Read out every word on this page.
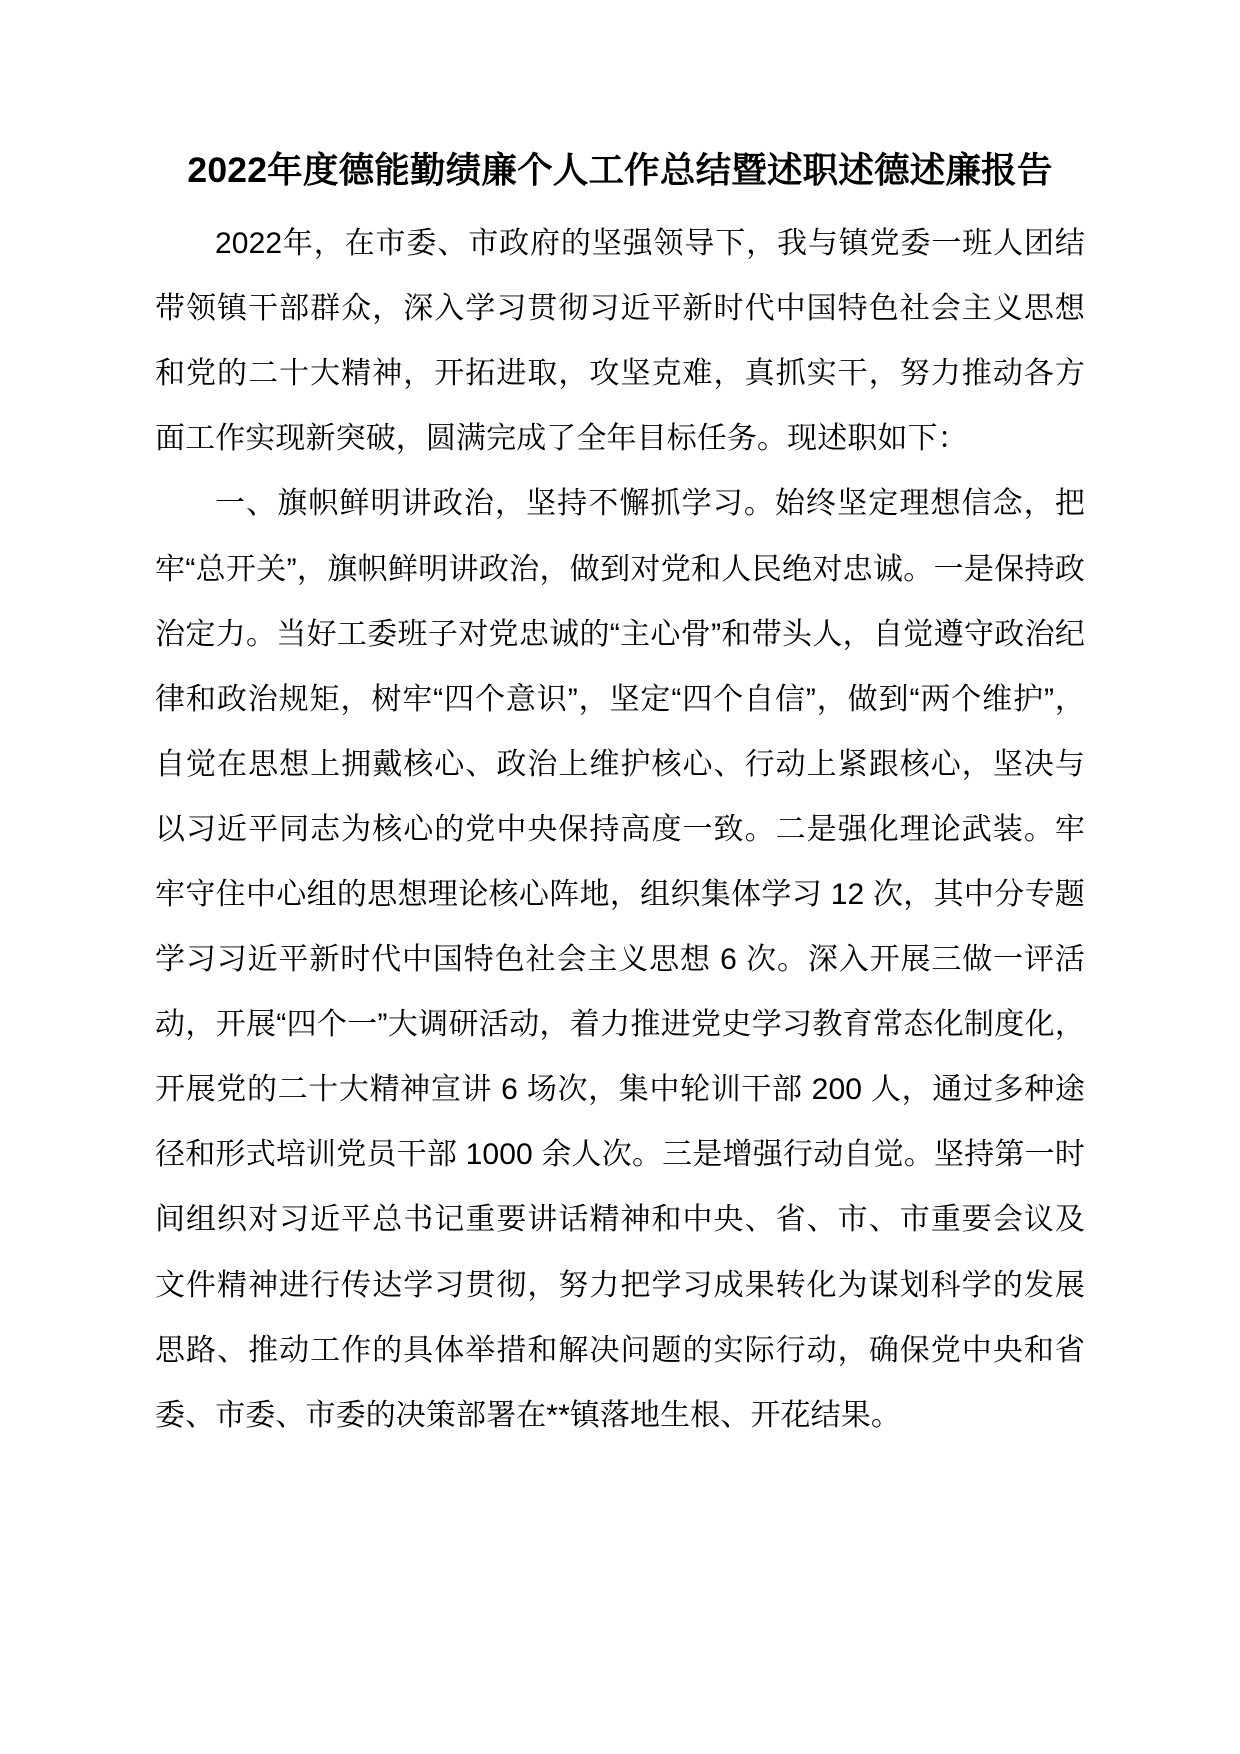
2022年度德能勤绩廉个人工作总结暨述职述德述廉报告

2022年，在市委、市政府的坚强领导下，我与镇党委一班人团结带领镇干部群众，深入学习贯彻习近平新时代中国特色社会主义思想和党的二十大精神，开拓进取，攻坚克难，真抓实干，努力推动各方面工作实现新突破，圆满完成了全年目标任务。现述职如下：

一、旗帜鲜明讲政治，坚持不懈抓学习。始终坚定理想信念，把牢“总开关”，旗帜鲜明讲政治，做到对党和人民绝对忠诚。一是保持政治定力。当好工委班子对党忠诚的“主心骨”和带头人，自觉遵守政治纪律和政治规矩，树牢“四个意识”，坚定“四个自信”，做到“两个维护”，自觉在思想上拥戴核心、政治上维护核心、行动上紧跟核心，坚决与以习近平同志为核心的党中央保持高度一致。二是强化理论武装。牢牢守住中心组的思想理论核心阵地，组织集体学习 12 次，其中分专题学习习近平新时代中国特色社会主义思想 6 次。深入开展三做一评活动，开展“四个一”大调研活动，着力推进党史学习教育常态化制度化，开展党的二十大精神宣讲 6 场次，集中轮训干部 200 人，通过多种途径和形式培训党员干部 1000 余人次。三是增强行动自觉。坚持第一时间组织对习近平总书记重要讲话精神和中央、省、市、市重要会议及文件精神进行传达学习贯彻，努力把学习成果转化为谋划科学的发展思路、推动工作的具体举措和解决问题的实际行动，确保党中央和省委、市委、市委的决策部署在**镇落地生根、开花结果。
